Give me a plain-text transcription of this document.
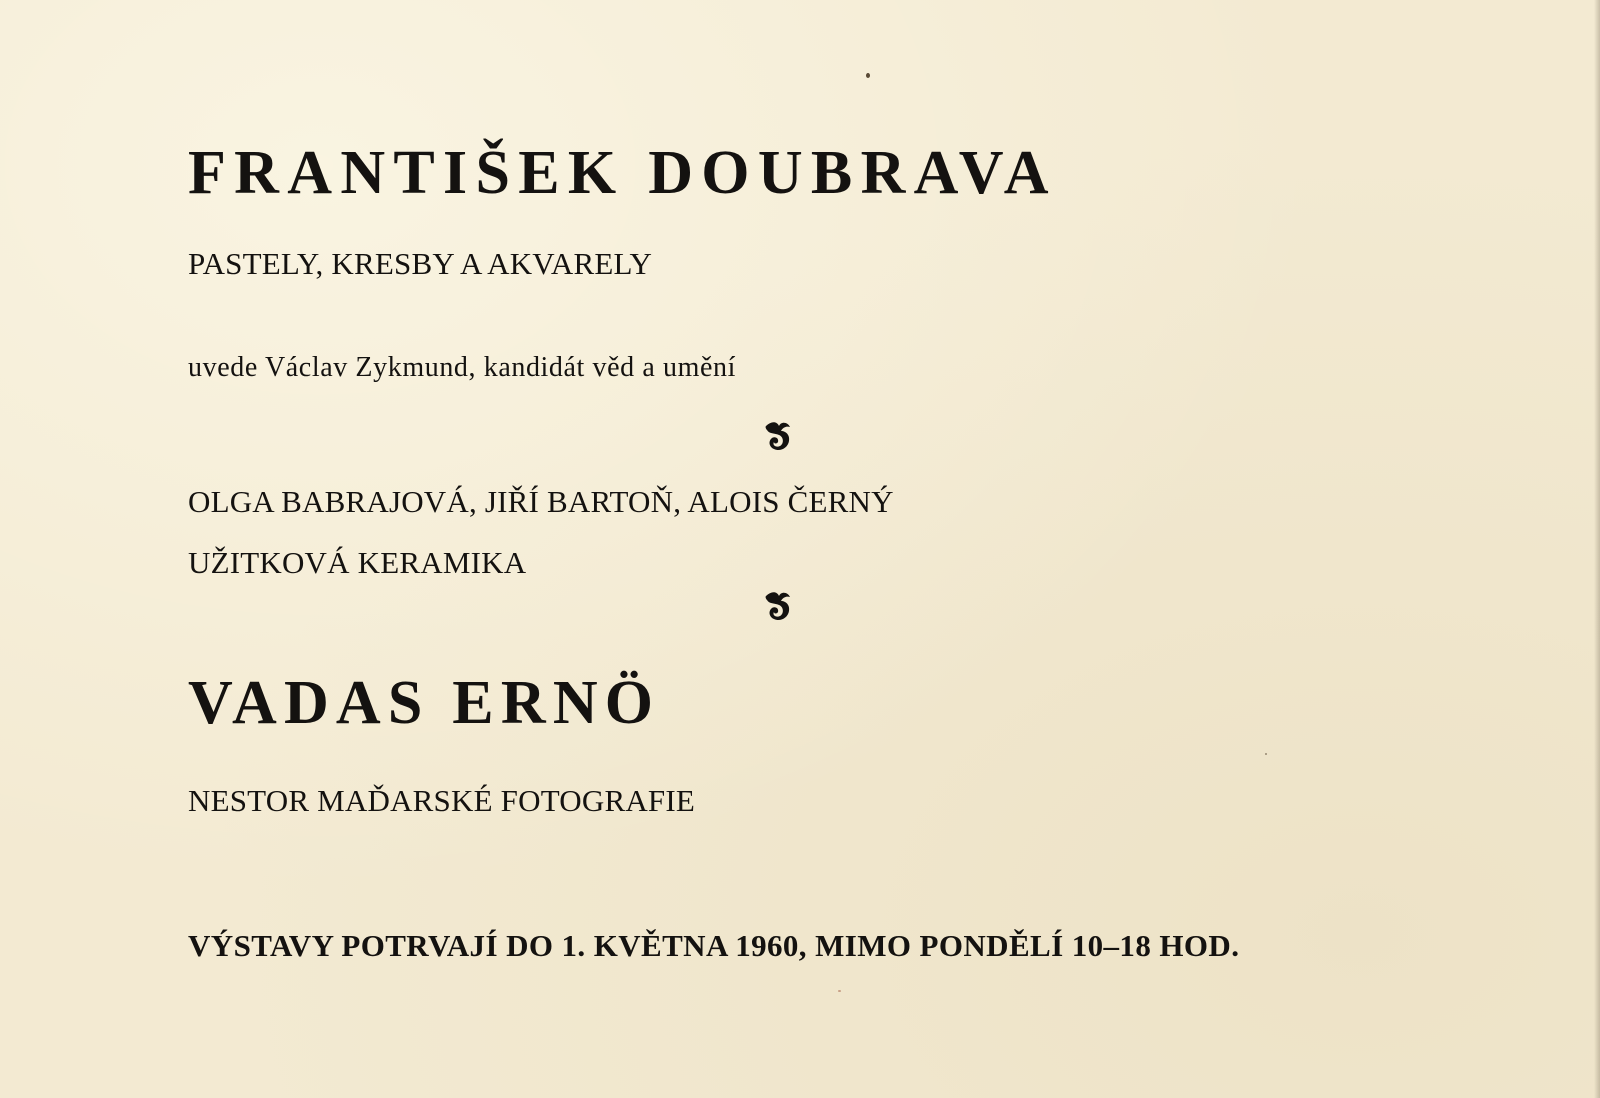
FRANTIŠEK DOUBRAVA

PASTELY, KRESBY A AKVARELY

uvede Václav Zykmund, kandidát věd a umění

OLGA BABRAJOVÁ, JIŘÍ BARTOŇ, ALOIS ČERNÝ

UŽITKOVÁ KERAMIKA

VADAS ERNÖ

NESTOR MAĎARSKÉ FOTOGRAFIE

VÝSTAVY POTRVAJÍ DO 1. KVĚTNA 1960, MIMO PONDĚLÍ 10–18 HOD.
